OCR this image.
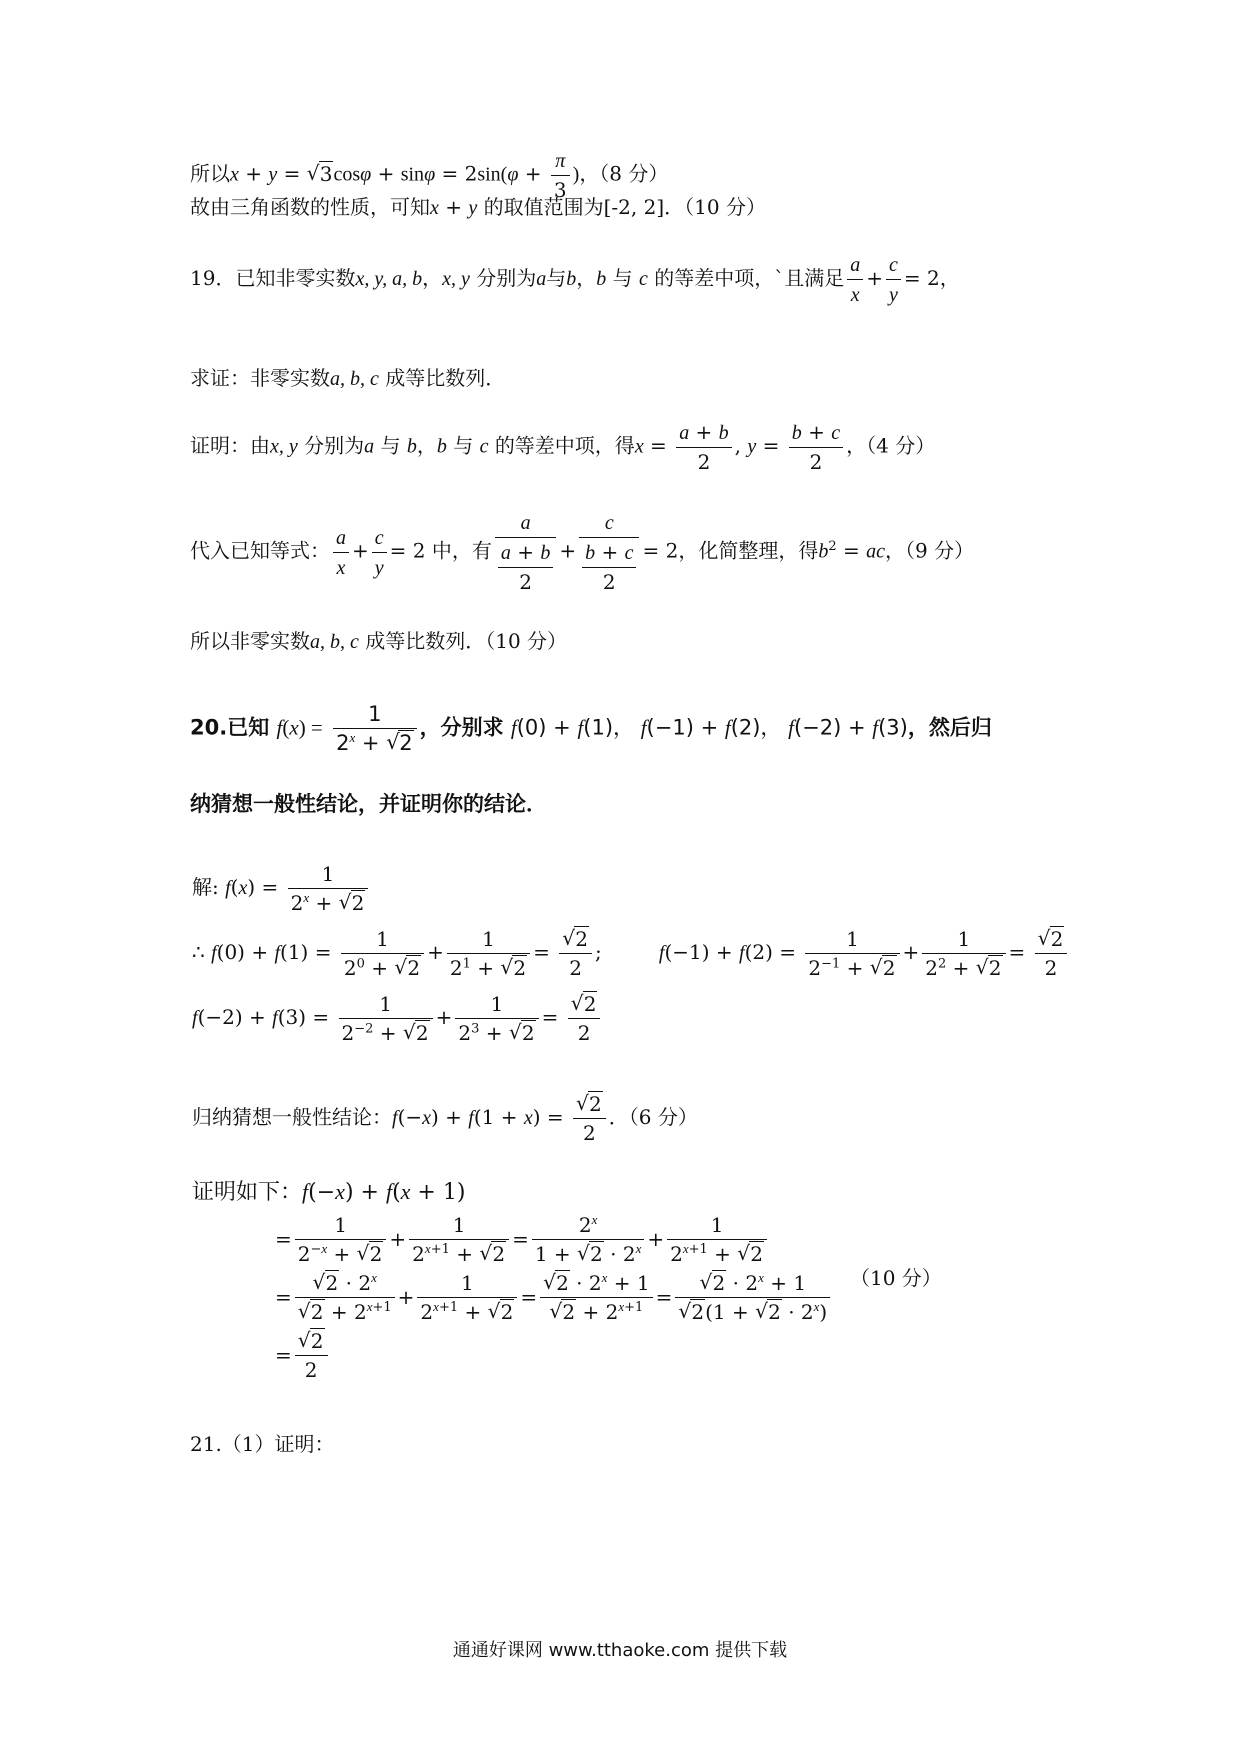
所以x + y = √ $3\cos\varphi + \sin\varphi = 2\sin(\varphi + \frac{\pi}{3}$ )，（8 分）
故由三角函数的性质，可知x + y 的取值范围为[-2, 2]．（10 分）
19．已知非零实数x, y, a, b，x, y 分别为a与b，b 与 c 的等差中项，`且满足 $\frac{a}{x} + \frac{c}{y} = 2$，
求证：非零实数a, b, c 成等比数列．
证明：由x, y 分别为a 与 b，b 与 c 的等差中项，得$x = \frac{a + b}{2}$ , $y = \frac{b + c}{2}$ ，（4 分）
代入已知等式： $\frac{a}{x} + \frac{c}{y} = 2$ 中，有 $\frac{a}{\frac{a + b}{2}} + \frac{c}{\frac{b + c}{2}} = 2$，化简整理，得$b^2$ = ac，（9 分）
所以非零实数a, b, c 成等比数列．（10 分）
20.已知 $f(x) = \frac{1}{2^x + √ 2}$ ，分别求 f(0) + f(1)， f(−1) + f(2)， f(−2) + f(3)，然后归
纳猜想一般性结论，并证明你的结论．
解: $f(x) = \frac{1}{2^x + √ 2}$
∴ $f(0) + f(1) = \frac{1}{2^0 + √ 2} + \frac{1}{2^1 + √ 2}$ = √ $\frac{2}{2}$ ;         $f(-1) + f(2) = \frac{1}{2^{-1} + √ 2} + \frac{1}{2^2 + √ 2}$ = √ $\frac{2}{2}$
$f(-2) + f(3) = \frac{1}{2^{-2} + √ 2} + \frac{1}{2^3 + √ 2}$ = √ $\frac{2}{2}$
归纳猜想一般性结论：f(−x) + f(1 + x) = √ $\frac{2}{2}$ ．（6 分）
证明如下：f(−x) + f(x + 1)
= $\frac{1}{2^{-x} + √ 2} + \frac{1}{2^{x+1} + √ 2} = \frac{2^x}{1 + √ 2 \cdot 2^x} + \frac{1}{2^{x+1} + √ 2}$
= √ $2 \cdot 2^x$
√ $2 + 2^{x+1} + \frac{1}{2^{x+1} + √ 2}$ = √ $2 \cdot 2^x + 1$
√ $2 + 2^{x+1}$ = √ $2 \cdot 2^x + 1$
√ 2(1 + √ $2 \cdot 2^x$)
= √ $\frac{2}{2}$
（10 分）
21.（1）证明：
通通好课网 www.tthaoke.com 提供下载
